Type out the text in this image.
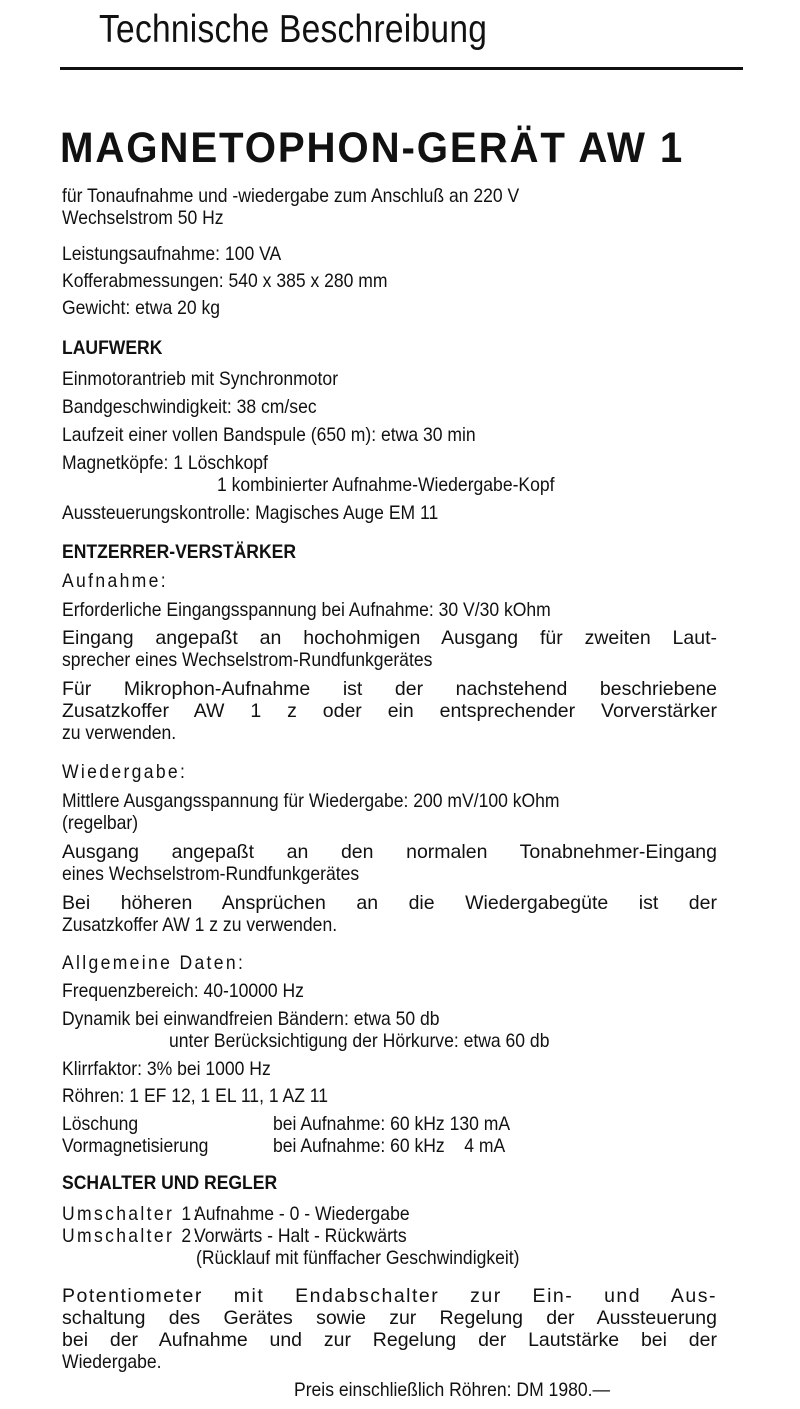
Technische Beschreibung
MAGNETOPHON-GERÄT AW 1
für Tonaufnahme und -wiedergabe zum Anschluß an 220 V
Wechselstrom 50 Hz
Leistungsaufnahme: 100 VA
Kofferabmessungen: 540 x 385 x 280 mm
Gewicht: etwa 20 kg
LAUFWERK
Einmotorantrieb mit Synchronmotor
Bandgeschwindigkeit: 38 cm/sec
Laufzeit einer vollen Bandspule (650 m): etwa 30 min
Magnetköpfe: 1 Löschkopf
1 kombinierter Aufnahme-Wiedergabe-Kopf
Aussteuerungskontrolle: Magisches Auge EM 11
ENTZERRER-VERSTÄRKER
Aufnahme:
Erforderliche Eingangsspannung bei Aufnahme: 30 V/30 kOhm
Eingang angepaßt an hochohmigen Ausgang für zweiten Laut-
sprecher eines Wechselstrom-Rundfunkgerätes
Für Mikrophon-Aufnahme ist der nachstehend beschriebene
Zusatzkoffer AW 1 z oder ein entsprechender Vorverstärker
zu verwenden.
Wiedergabe:
Mittlere Ausgangsspannung für Wiedergabe: 200 mV/100 kOhm
(regelbar)
Ausgang angepaßt an den normalen Tonabnehmer-Eingang
eines Wechselstrom-Rundfunkgerätes
Bei höheren Ansprüchen an die Wiedergabegüte ist der
Zusatzkoffer AW 1 z zu verwenden.
Allgemeine Daten:
Frequenzbereich: 40-10000 Hz
Dynamik bei einwandfreien Bändern: etwa 50 db
unter Berücksichtigung der Hörkurve: etwa 60 db
Klirrfaktor: 3% bei 1000 Hz
Röhren: 1 EF 12, 1 EL 11, 1 AZ 11
Löschung	bei Aufnahme: 60 kHz 130 mA
Vormagnetisierung	bei Aufnahme: 60 kHz    4 mA
SCHALTER UND REGLER
Umschalter 1:
Aufnahme - 0 - Wiedergabe
Umschalter 2:
Vorwärts - Halt - Rückwärts
(Rücklauf mit fünffacher Geschwindigkeit)
Potentiometer mit Endabschalter zur Ein- und Aus-
schaltung des Gerätes sowie zur Regelung der Aussteuerung
bei der Aufnahme und zur Regelung der Lautstärke bei der
Wiedergabe.
Preis einschließlich Röhren: DM 1980.—
